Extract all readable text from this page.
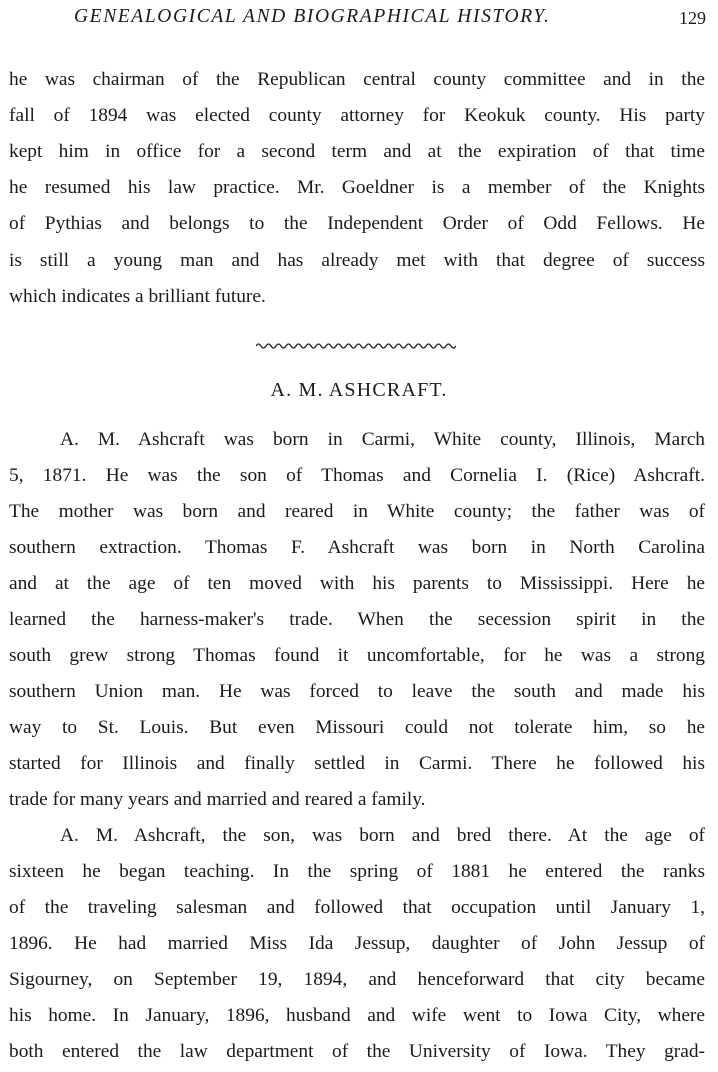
GENEALOGICAL AND BIOGRAPHICAL HISTORY.	129
he was chairman of the Republican central county committee and in the
fall of 1894 was elected county attorney for Keokuk county. His party
kept him in office for a second term and at the expiration of that time
he resumed his law practice. Mr. Goeldner is a member of the Knights
of Pythias and belongs to the Independent Order of Odd Fellows. He
is still a young man and has already met with that degree of success
which indicates a brilliant future.
A. M. ASHCRAFT.
A. M. Ashcraft was born in Carmi, White county, Illinois, March
5, 1871. He was the son of Thomas and Cornelia I. (Rice) Ashcraft.
The mother was born and reared in White county; the father was of
southern extraction. Thomas F. Ashcraft was born in North Carolina
and at the age of ten moved with his parents to Mississippi. Here he
learned the harness-maker's trade. When the secession spirit in the
south grew strong Thomas found it uncomfortable, for he was a strong
southern Union man. He was forced to leave the south and made his
way to St. Louis. But even Missouri could not tolerate him, so he
started for Illinois and finally settled in Carmi. There he followed his
trade for many years and married and reared a family.
A. M. Ashcraft, the son, was born and bred there. At the age of
sixteen he began teaching. In the spring of 1881 he entered the ranks
of the traveling salesman and followed that occupation until January 1,
1896. He had married Miss Ida Jessup, daughter of John Jessup of
Sigourney, on September 19, 1894, and henceforward that city became
his home. In January, 1896, husband and wife went to Iowa City, where
both entered the law department of the University of Iowa. They grad-
